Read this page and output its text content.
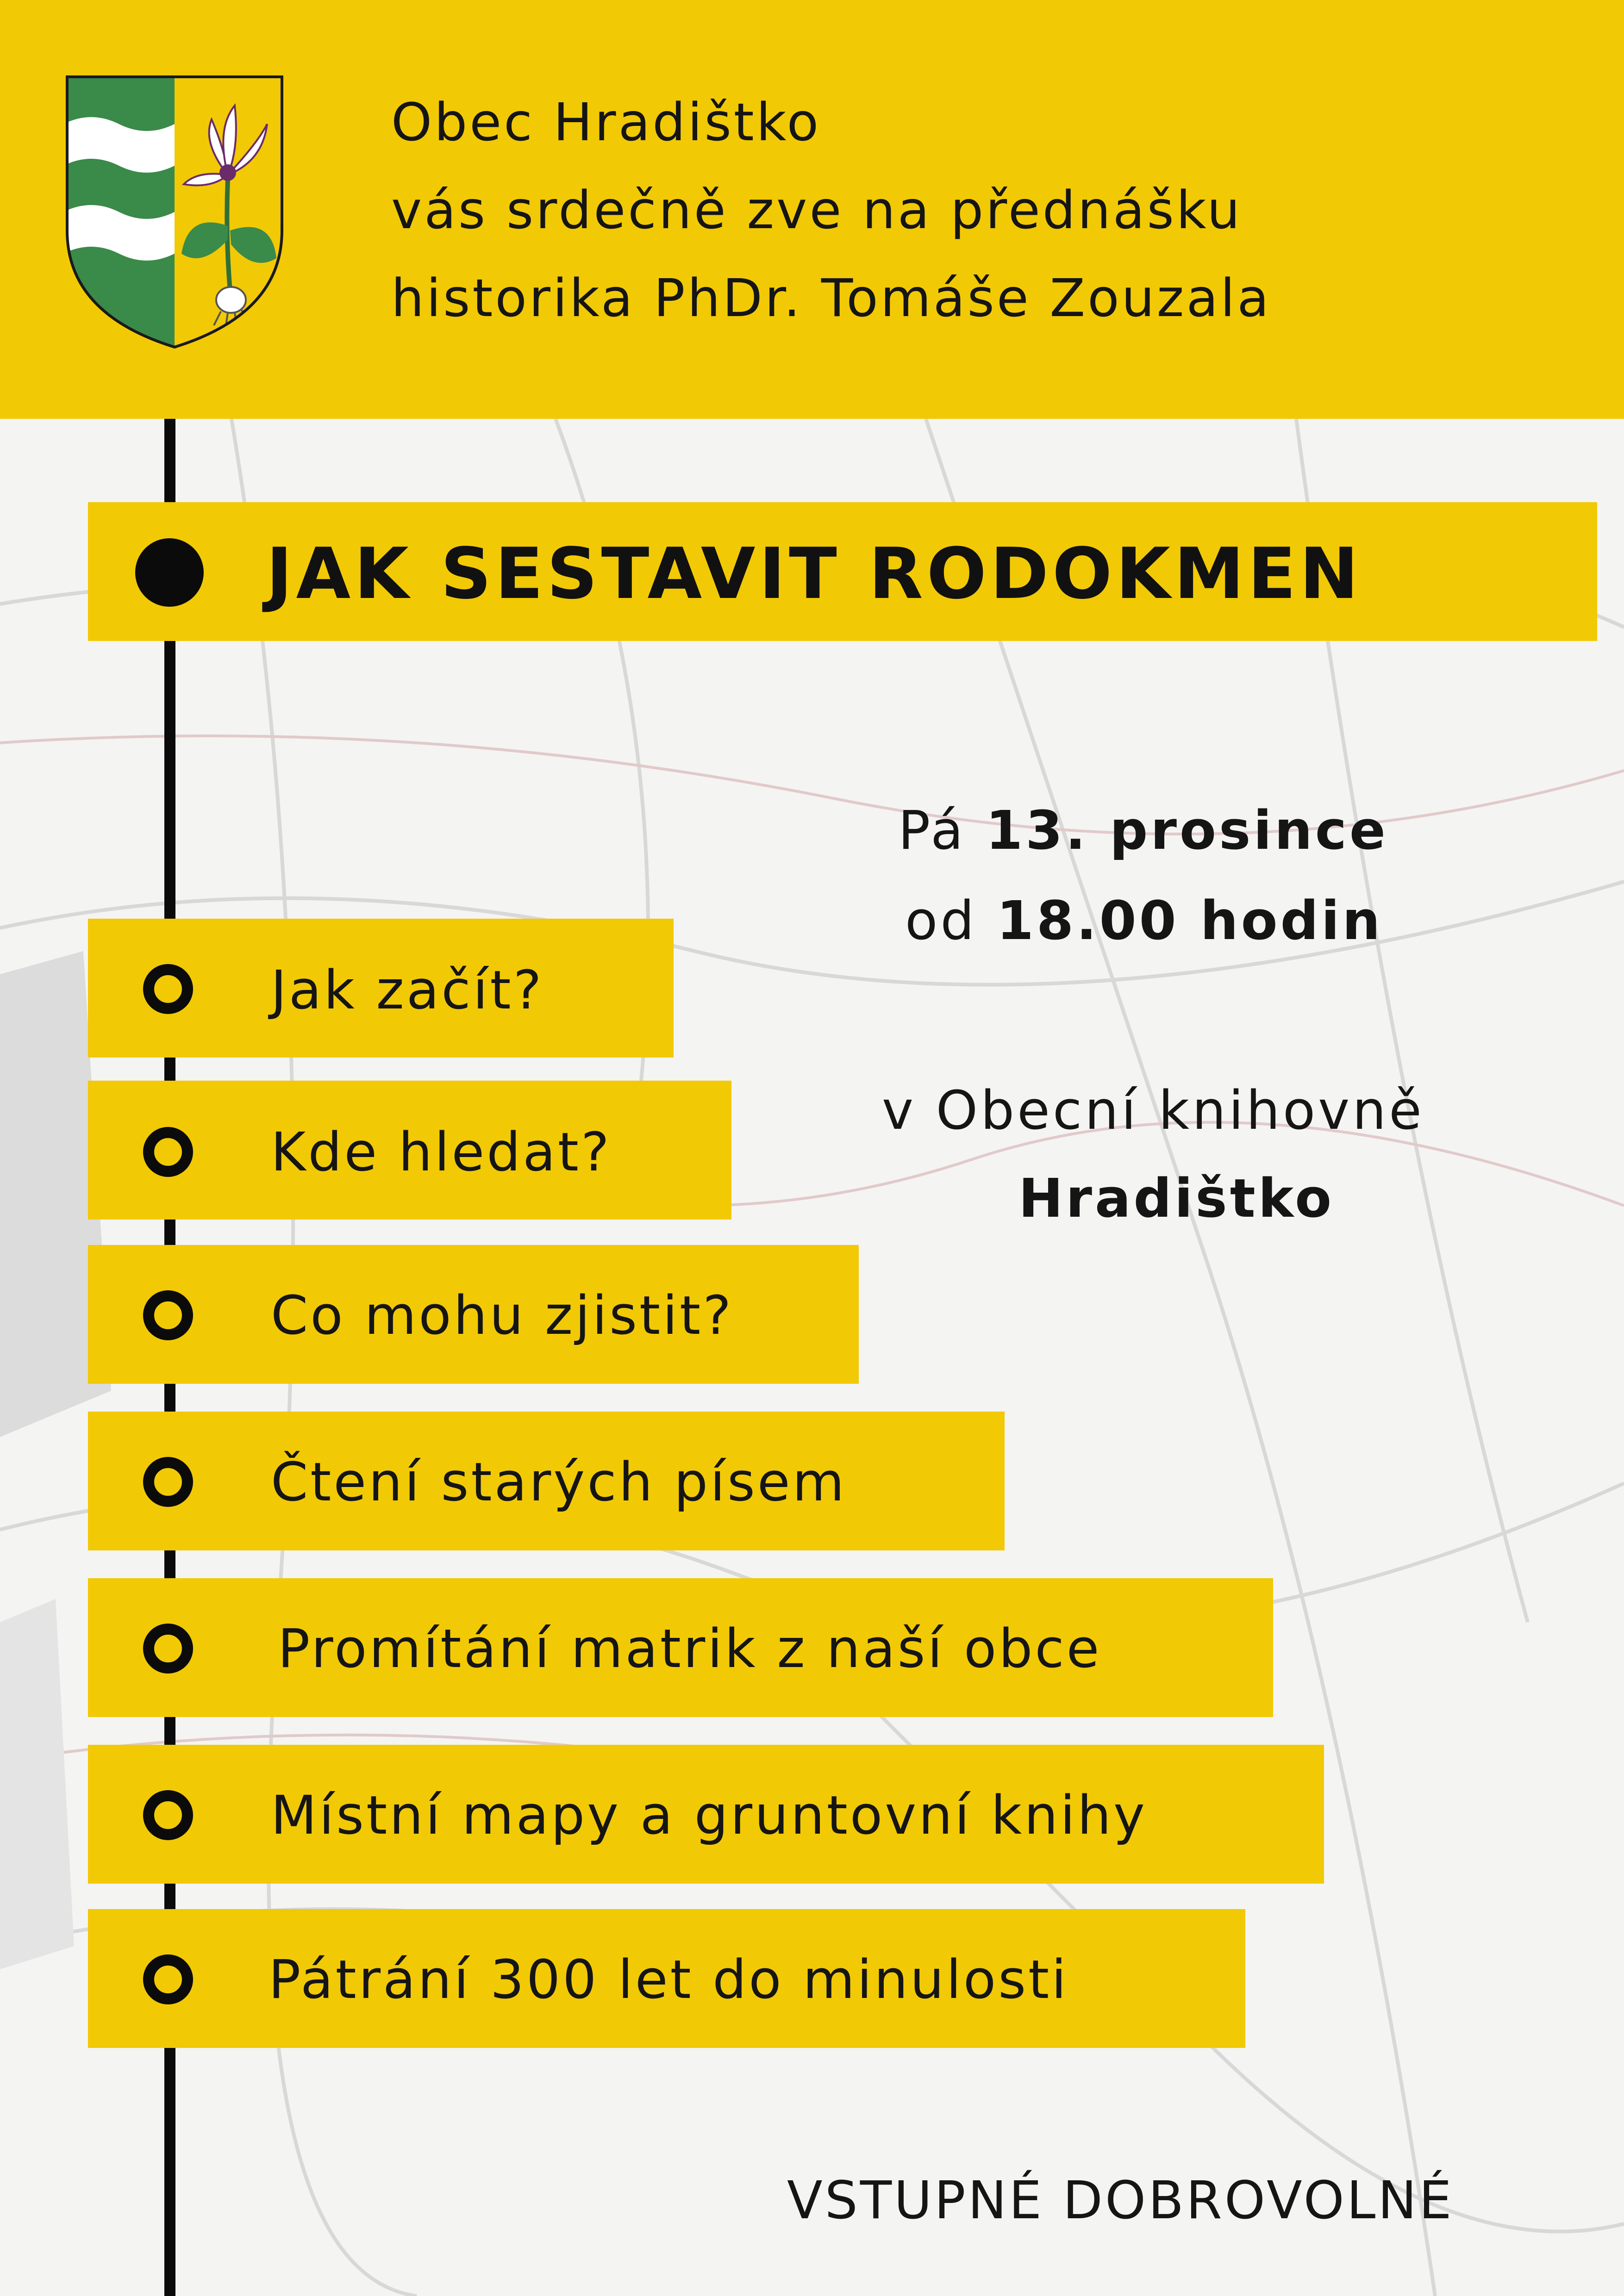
Obec Hradištko
vás srdečně zve na přednášku
historika PhDr. Tomáše Zouzala
JAK SESTAVIT RODOKMEN
Jak začít?
Kde hledat?
Co mohu zjistit?
Čtení starých písem
Promítání matrik z naší obce
Místní mapy a gruntovní knihy
Pátrání 300 let do minulosti
Pá 13. prosince
od 18.00 hodin
v Obecní knihovně
Hradištko
VSTUPNÉ DOBROVOLNÉ
